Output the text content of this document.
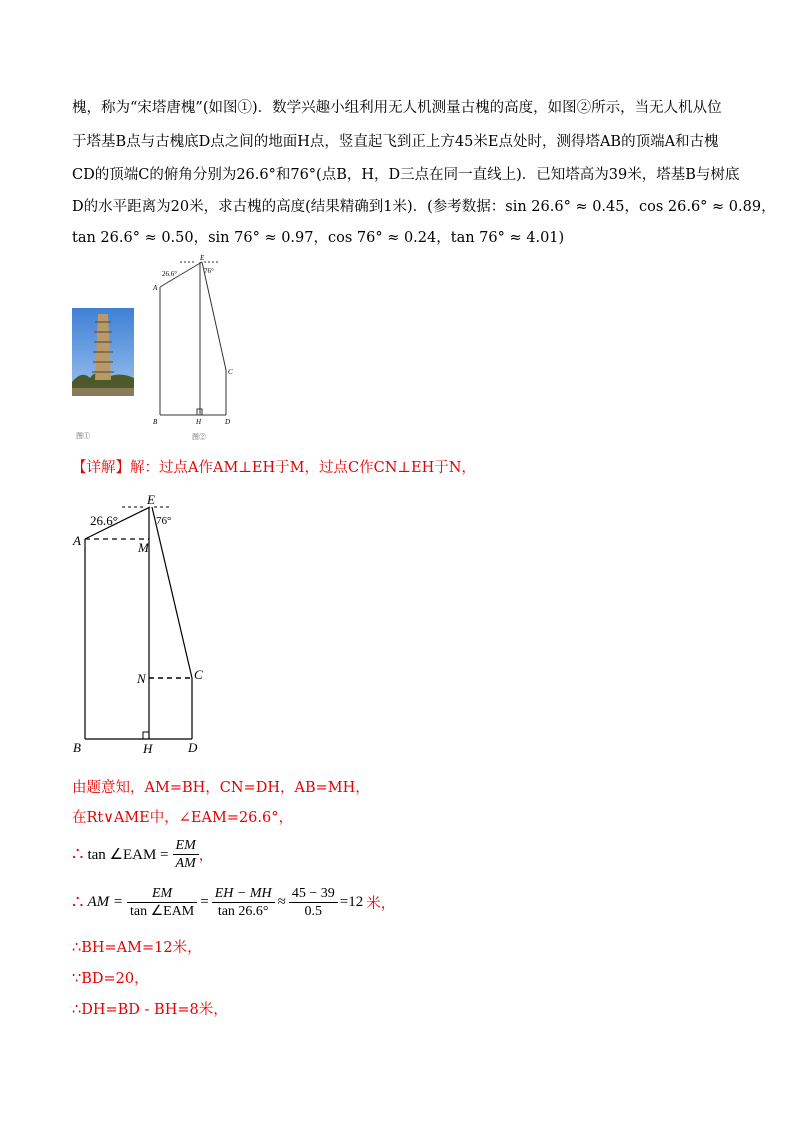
槐，称为“宋塔唐槐”(如图①)．数学兴趣小组利用无人机测量古槐的高度，如图②所示，当无人机从位
于塔基B点与古槐底D点之间的地面H点，竖直起飞到正上方45米E点处时，测得塔AB的顶端A和古槐
CD的顶端C的俯角分别为26.6°和76°(点B，H，D三点在同一直线上)．已知塔高为39米，塔基B与树底
D的水平距离为20米，求古槐的高度(结果精确到1米)．(参考数据：sin 26.6° ≈ 0.45，cos 26.6° ≈ 0.89，
tan 26.6° ≈ 0.50，sin 76° ≈ 0.97，cos 76° ≈ 0.24，tan 76° ≈ 4.01)
图①
26.6°	76°
E
A
C
B	H	D
图②
【详解】解：过点A作AM⊥EH于M，过点C作CN⊥EH于N，
26.6°	76°
E
A	M
N	C
B	H	D
由题意知，AM=BH，CN=DH，AB=MH，
在Rt∨AME中，∠EAM=26.6°，
∴ tan ∠EAM = $\frac{EM}{AM}$ ，
∴ AM = $\frac{EM}{\text{tan ∠EAM}} = \frac{EH - MH}{\tan 26.6^\circ} \approx \frac{45 - 39}{0.5} =12$ 米，
∴BH=AM=12米，
∵BD=20，
∴DH=BD - BH=8米，
